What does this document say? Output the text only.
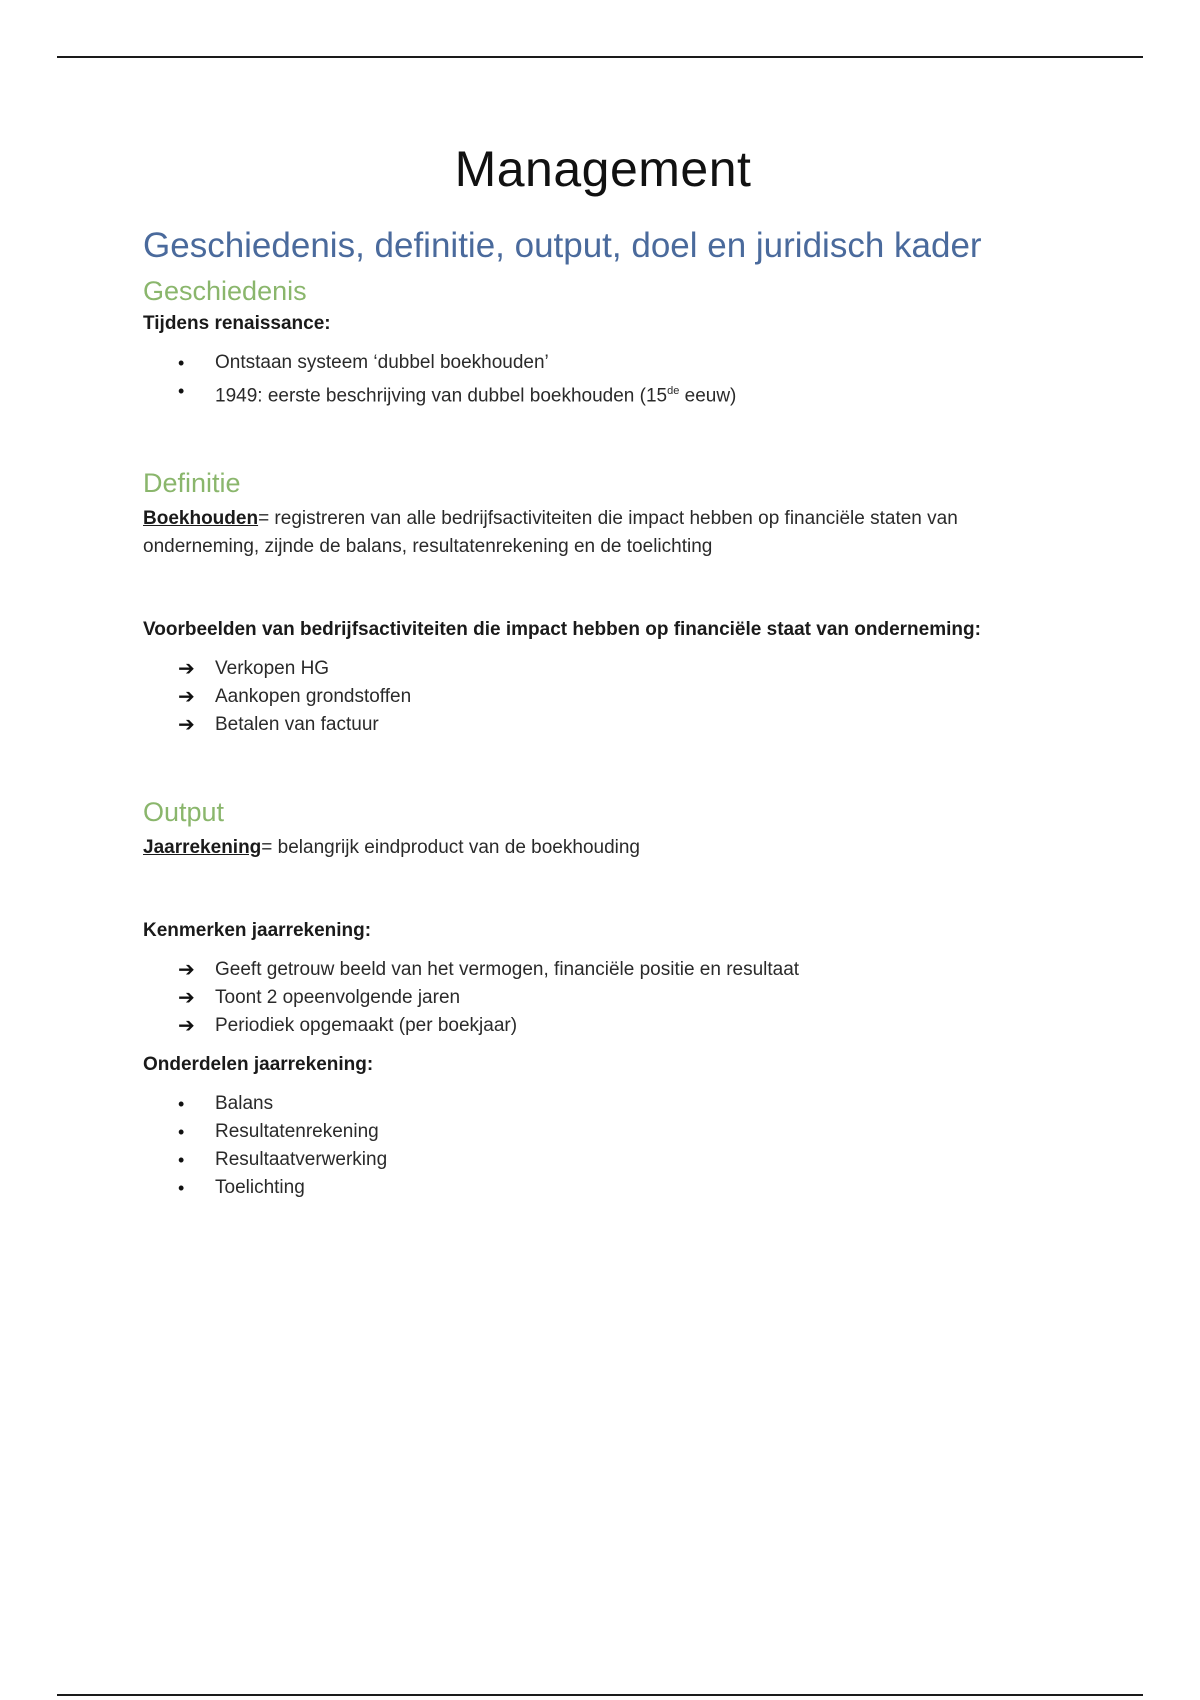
Management
Geschiedenis, definitie, output, doel en juridisch kader
Geschiedenis

Tijdens renaissance:

•	Ontstaan systeem ‘dubbel boekhouden’
•	1949: eerste beschrijving van dubbel boekhouden (15de eeuw)
Definitie

Boekhouden= registreren van alle bedrijfsactiviteiten die impact hebben op financiële staten van onderneming, zijnde de balans, resultatenrekening en de toelichting

Voorbeelden van bedrijfsactiviteiten die impact hebben op financiële staat van onderneming:

➔	Verkopen HG
➔	Aankopen grondstoffen
➔	Betalen van factuur
Output

Jaarrekening= belangrijk eindproduct van de boekhouding

Kenmerken jaarrekening:

➔	Geeft getrouw beeld van het vermogen, financiële positie en resultaat
➔	Toont 2 opeenvolgende jaren
➔	Periodiek opgemaakt (per boekjaar)

Onderdelen jaarrekening:

•	Balans
•	Resultatenrekening
•	Resultaatverwerking
•	Toelichting
